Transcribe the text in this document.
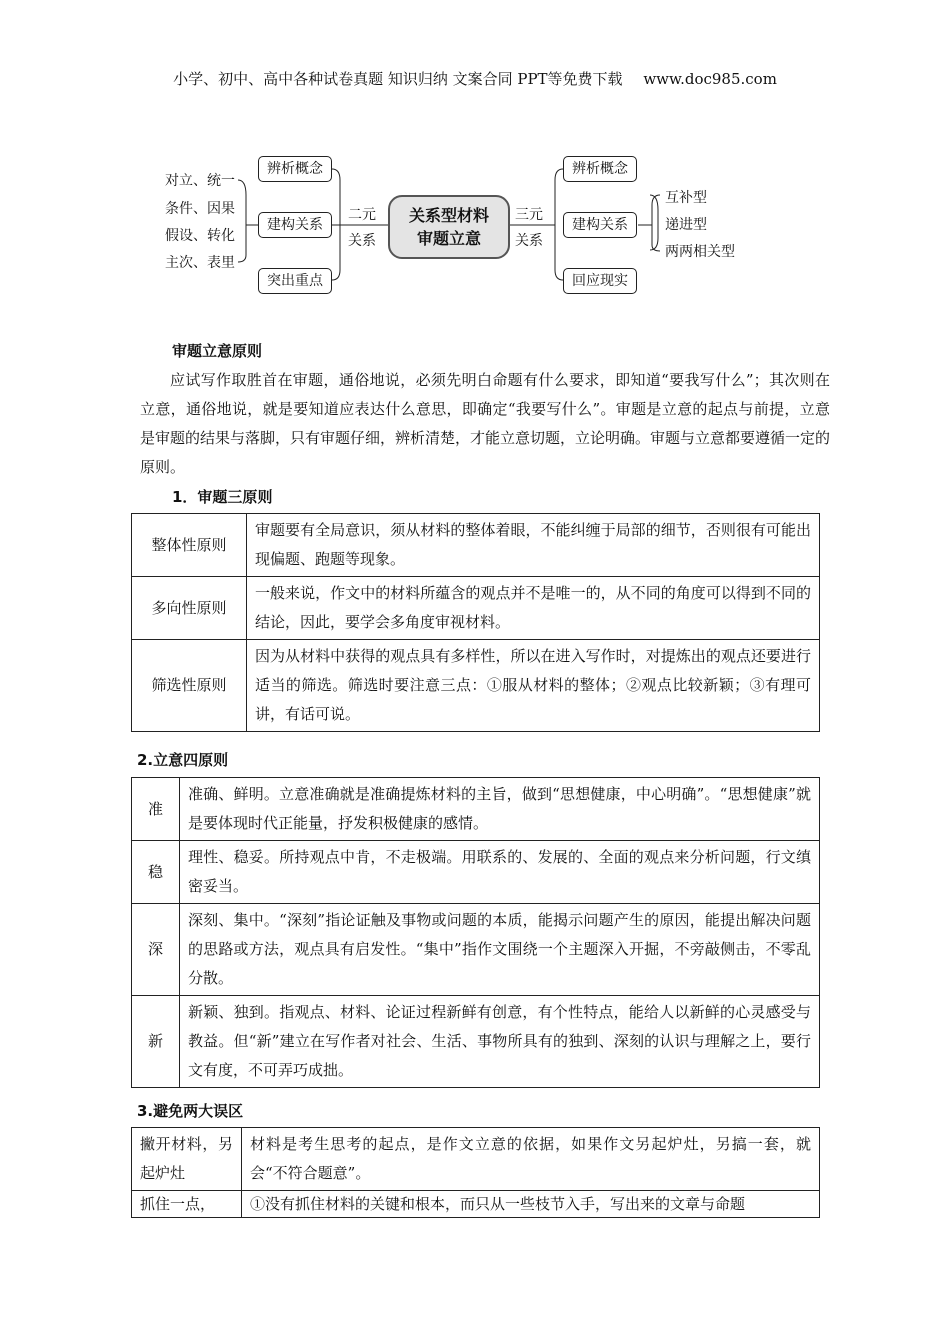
小学、初中、高中各种试卷真题 知识归纳 文案合同 PPT等免费下载 www.doc985.com
对立、统一
条件、因果
假设、转化
主次、表里
辨析概念
建构关系
突出重点
二元
关系
关系型材料
审题立意
三元
关系
辨析概念
建构关系
回应现实
互补型
递进型
两两相关型
审题立意原则
应试写作取胜首在审题，通俗地说，必须先明白命题有什么要求，即知道“要我写什么”；其次则在立意，通俗地说，就是要知道应表达什么意思，即确定“我要写什么”。审题是立意的起点与前提，立意是审题的结果与落脚，只有审题仔细，辨析清楚，才能立意切题，立论明确。审题与立意都要遵循一定的原则。
1．审题三原则
整体性原则	审题要有全局意识，须从材料的整体着眼，不能纠缠于局部的细节，否则很有可能出现偏题、跑题等现象。
多向性原则	一般来说，作文中的材料所蕴含的观点并不是唯一的，从不同的角度可以得到不同的结论，因此，要学会多角度审视材料。
筛选性原则	因为从材料中获得的观点具有多样性，所以在进入写作时，对提炼出的观点还要进行适当的筛选。筛选时要注意三点：①服从材料的整体；②观点比较新颖；③有理可讲，有话可说。
2.立意四原则
准	准确、鲜明。立意准确就是准确提炼材料的主旨，做到“思想健康，中心明确”。“思想健康”就是要体现时代正能量，抒发积极健康的感情。
稳	理性、稳妥。所持观点中肯，不走极端。用联系的、发展的、全面的观点来分析问题，行文缜密妥当。
深	深刻、集中。“深刻”指论证触及事物或问题的本质，能揭示问题产生的原因，能提出解决问题的思路或方法，观点具有启发性。“集中”指作文围绕一个主题深入开掘，不旁敲侧击，不零乱分散。
新	新颖、独到。指观点、材料、论证过程新鲜有创意，有个性特点，能给人以新鲜的心灵感受与教益。但“新”建立在写作者对社会、生活、事物所具有的独到、深刻的认识与理解之上，要行文有度，不可弄巧成拙。
3.避免两大误区
撇开材料，另起炉灶	材料是考生思考的起点，是作文立意的依据，如果作文另起炉灶，另搞一套，就会“不符合题意”。
抓住一点，	①没有抓住材料的关键和根本，而只从一些枝节入手，写出来的文章与命题
